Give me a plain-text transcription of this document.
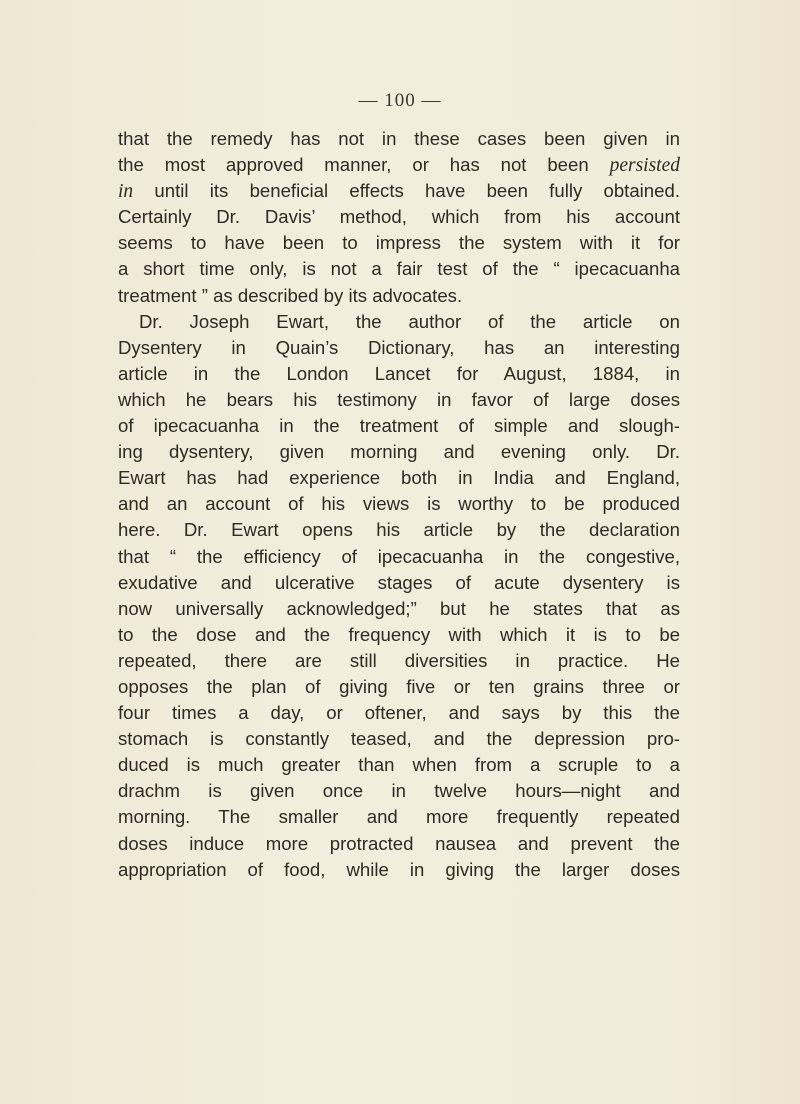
— 100 —
that the remedy has not in these cases been given in
the most approved manner, or has not been persisted
in until its beneficial effects have been fully obtained.
Certainly Dr. Davis’ method, which from his account
seems to have been to impress the system with it for
a short time only, is not a fair test of the “ ipecacuanha
treatment ” as described by its advocates.
Dr. Joseph Ewart, the author of the article on
Dysentery in Quain’s Dictionary, has an interesting
article in the London Lancet for August, 1884, in
which he bears his testimony in favor of large doses
of ipecacuanha in the treatment of simple and slough-
ing dysentery, given morning and evening only. Dr.
Ewart has had experience both in India and England,
and an account of his views is worthy to be produced
here. Dr. Ewart opens his article by the declaration
that “ the efficiency of ipecacuanha in the congestive,
exudative and ulcerative stages of acute dysentery is
now universally acknowledged;” but he states that as
to the dose and the frequency with which it is to be
repeated, there are still diversities in practice. He
opposes the plan of giving five or ten grains three or
four times a day, or oftener, and says by this the
stomach is constantly teased, and the depression pro-
duced is much greater than when from a scruple to a
drachm is given once in twelve hours—night and
morning. The smaller and more frequently repeated
doses induce more protracted nausea and prevent the
appropriation of food, while in giving the larger doses
